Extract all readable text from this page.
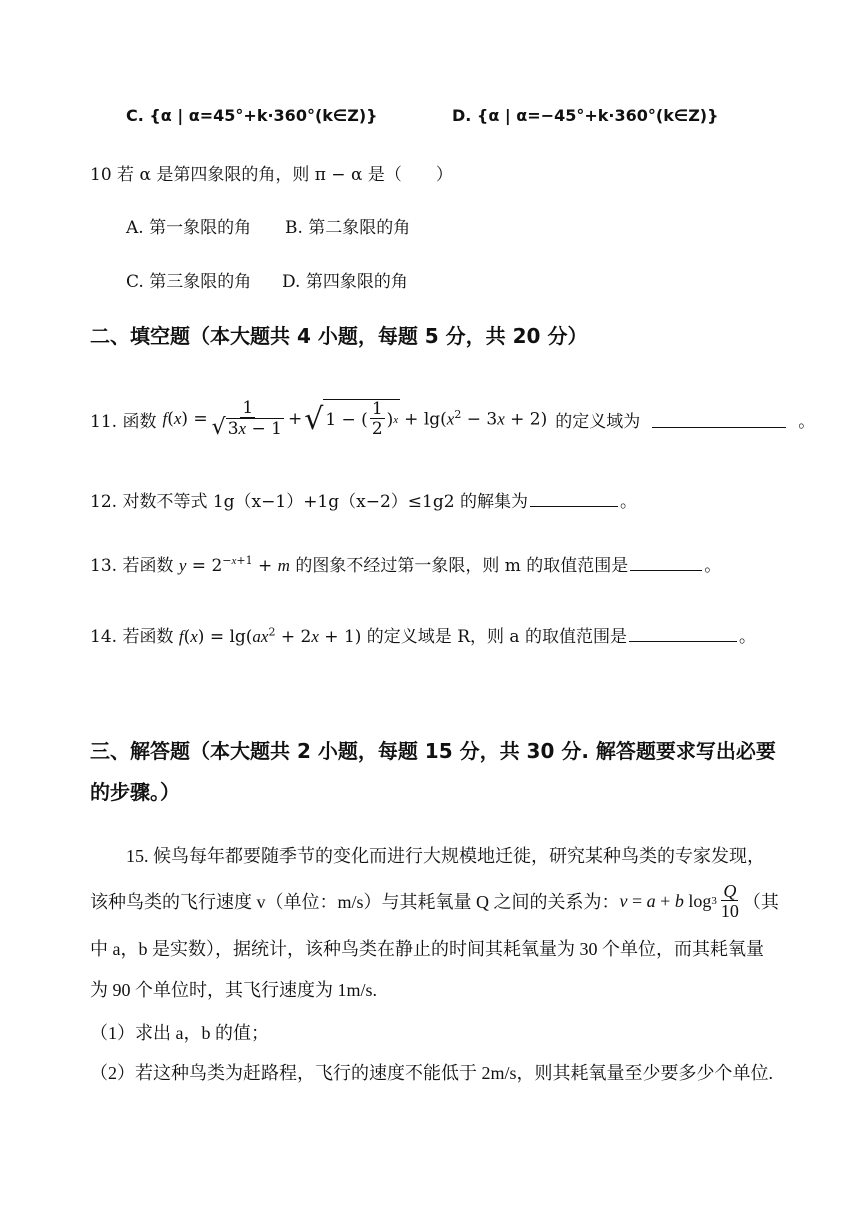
C. {α | α=45°+k·360°(k∈Z)}	D. {α | α=−45°+k·360°(k∈Z)}
10 若 α 是第四象限的角，则 π − α 是（　　）
A. 第一象限的角 B. 第二象限的角
C. 第三象限的角 D. 第四象限的角
二、填空题（本大题共 4 小题，每题 5 分，共 20 分）
11. 函数 f ( x ) = $\frac{1}{√ 3x - 1}$ + √ 1 − ( $\frac{1}{2}$ ) $x + \lg(x^2 - 3x + 2)$ 的定义域为	。
12. 对数不等式 1g（x−1）+1g（x−2）≤1g2 的解集为	。
13. 若函数 $y = 2^{-x+1} + m$ 的图象不经过第一象限，则 m 的取值范围是	。
14. 若函数 $f(x) = \lg(ax^2 + 2x + 1)$ 的定义域是 R，则 a 的取值范围是	。
三、解答题（本大题共 2 小题，每题 15 分，共 30 分. 解答题要求写出必要
的步骤。）
15. 候鸟每年都要随季节的变化而进行大规模地迁徙，研究某种鸟类的专家发现，
该种鸟类的飞行速度 v（单位：m/s）与其耗氧量 Q 之间的关系为： v = a + b $\log 3 \frac{Q}{10}$ （其
中 a，b 是实数），据统计，该种鸟类在静止的时间其耗氧量为 30 个单位，而其耗氧量
为 90 个单位时，其飞行速度为 1m/s.
（1）求出 a，b 的值；
（2）若这种鸟类为赶路程，飞行的速度不能低于 2m/s，则其耗氧量至少要多少个单位.
